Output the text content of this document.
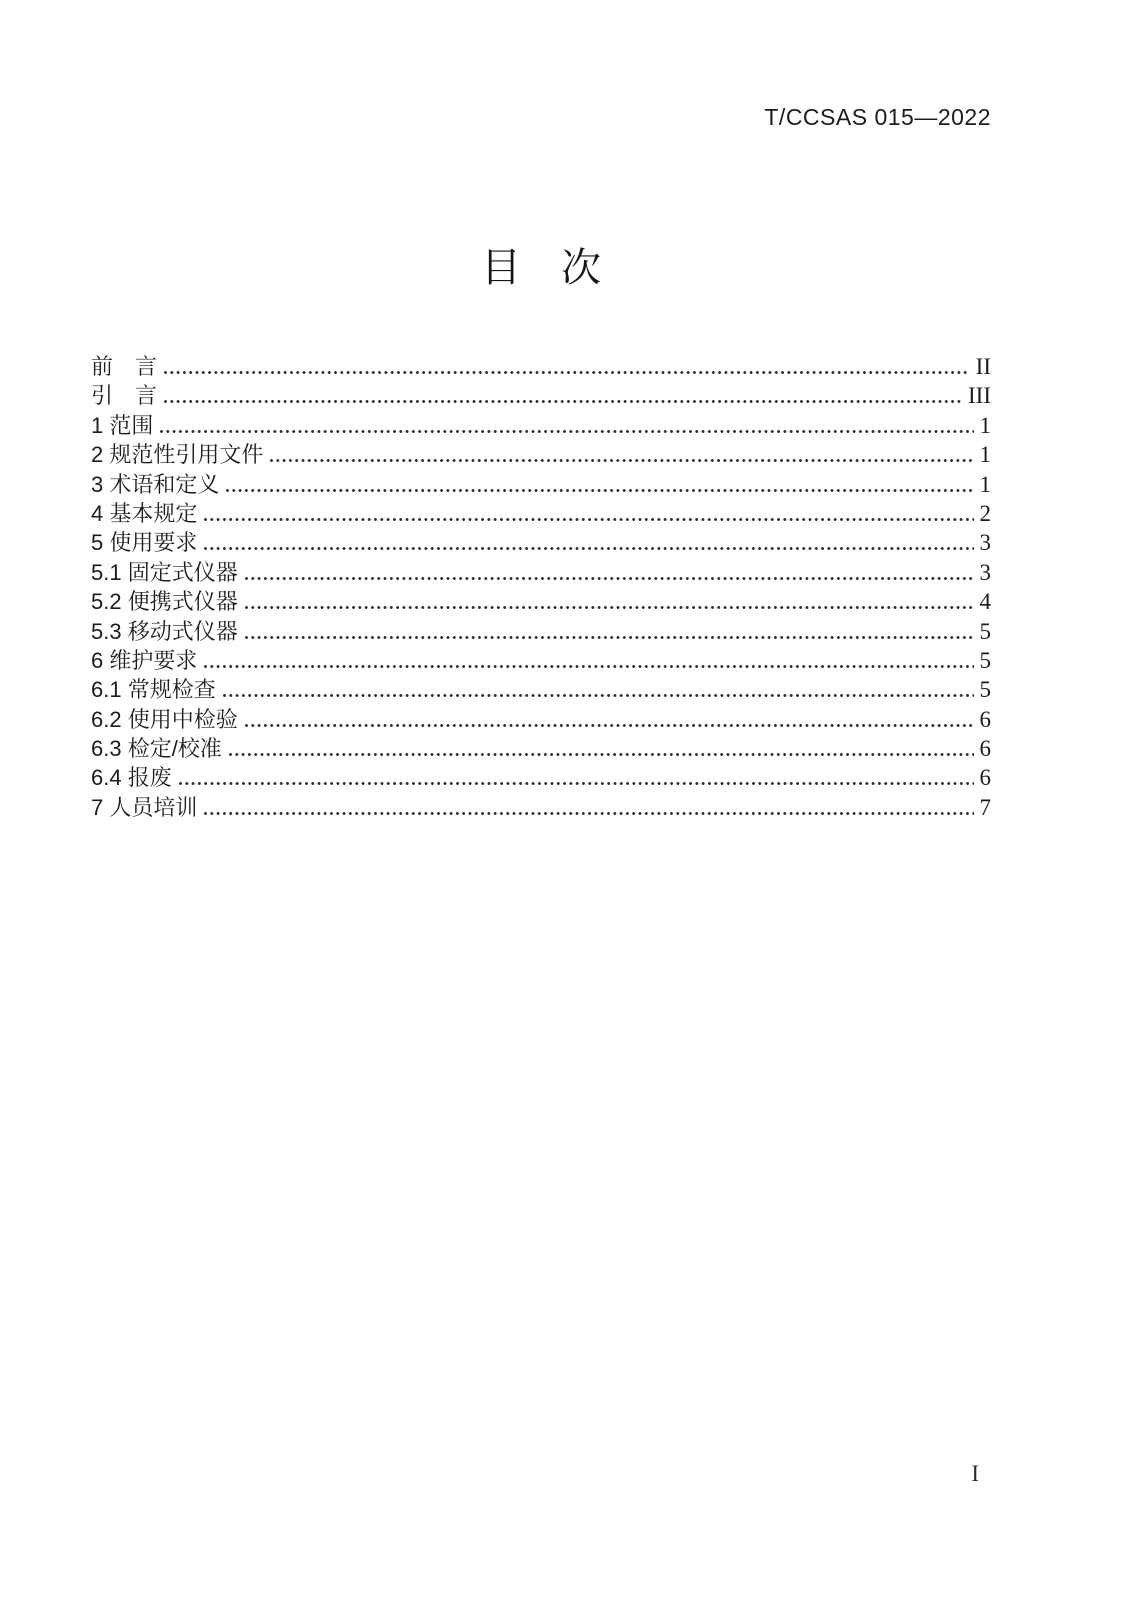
T/CCSAS 015—2022
目　次
前　言	II
引　言	III
1 范围	1
2 规范性引用文件	1
3 术语和定义	1
4 基本规定	2
5 使用要求	3
5.1 固定式仪器	3
5.2 便携式仪器	4
5.3 移动式仪器	5
6 维护要求	5
6.1 常规检查	5
6.2 使用中检验	6
6.3 检定/校准	6
6.4 报废	6
7 人员培训	7
I
